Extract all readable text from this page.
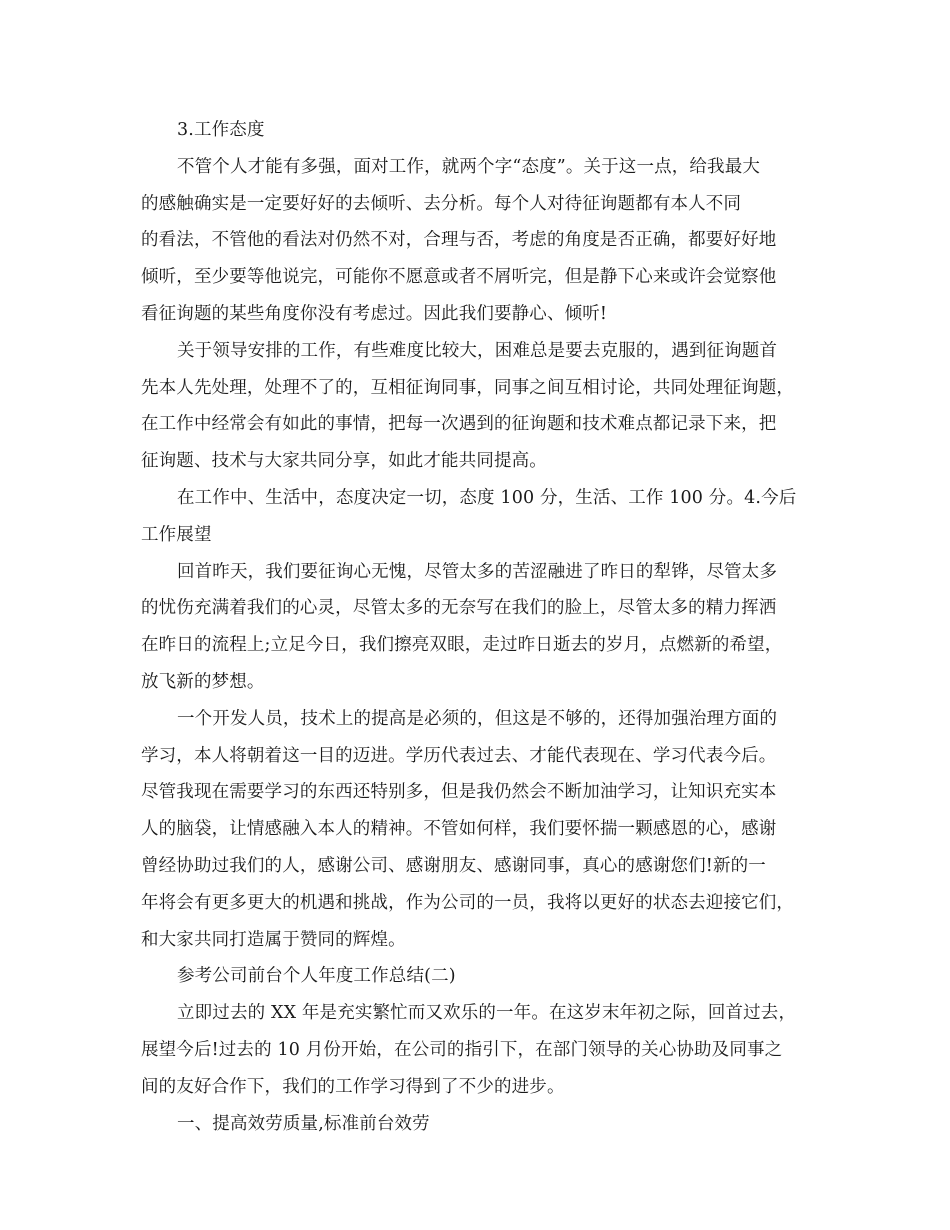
3.工作态度
不管个人才能有多强，面对工作，就两个字“态度”。关于这一点，给我最大
的感触确实是一定要好好的去倾听、去分析。每个人对待征询题都有本人不同
的看法，不管他的看法对仍然不对，合理与否，考虑的角度是否正确，都要好好地
倾听，至少要等他说完，可能你不愿意或者不屑听完，但是静下心来或许会觉察他
看征询题的某些角度你没有考虑过。因此我们要静心、倾听!
关于领导安排的工作，有些难度比较大，困难总是要去克服的，遇到征询题首
先本人先处理，处理不了的，互相征询同事，同事之间互相讨论，共同处理征询题，
在工作中经常会有如此的事情，把每一次遇到的征询题和技术难点都记录下来，把
征询题、技术与大家共同分享，如此才能共同提高。
在工作中、生活中，态度决定一切，态度 100 分，生活、工作 100 分。4.今后
工作展望
回首昨天，我们要征询心无愧，尽管太多的苦涩融进了昨日的犁铧，尽管太多
的忧伤充满着我们的心灵，尽管太多的无奈写在我们的脸上，尽管太多的精力挥洒
在昨日的流程上;立足今日，我们擦亮双眼，走过昨日逝去的岁月，点燃新的希望，
放飞新的梦想。
一个开发人员，技术上的提高是必须的，但这是不够的，还得加强治理方面的
学习，本人将朝着这一目的迈进。学历代表过去、才能代表现在、学习代表今后。
尽管我现在需要学习的东西还特别多，但是我仍然会不断加油学习，让知识充实本
人的脑袋，让情感融入本人的精神。不管如何样，我们要怀揣一颗感恩的心，感谢
曾经协助过我们的人，感谢公司、感谢朋友、感谢同事，真心的感谢您们!新的一
年将会有更多更大的机遇和挑战，作为公司的一员，我将以更好的状态去迎接它们，
和大家共同打造属于赞同的辉煌。
参考公司前台个人年度工作总结(二)
立即过去的 XX 年是充实繁忙而又欢乐的一年。在这岁末年初之际，回首过去，
展望今后!过去的 10 月份开始，在公司的指引下，在部门领导的关心协助及同事之
间的友好合作下，我们的工作学习得到了不少的进步。
一、提高效劳质量,标准前台效劳
